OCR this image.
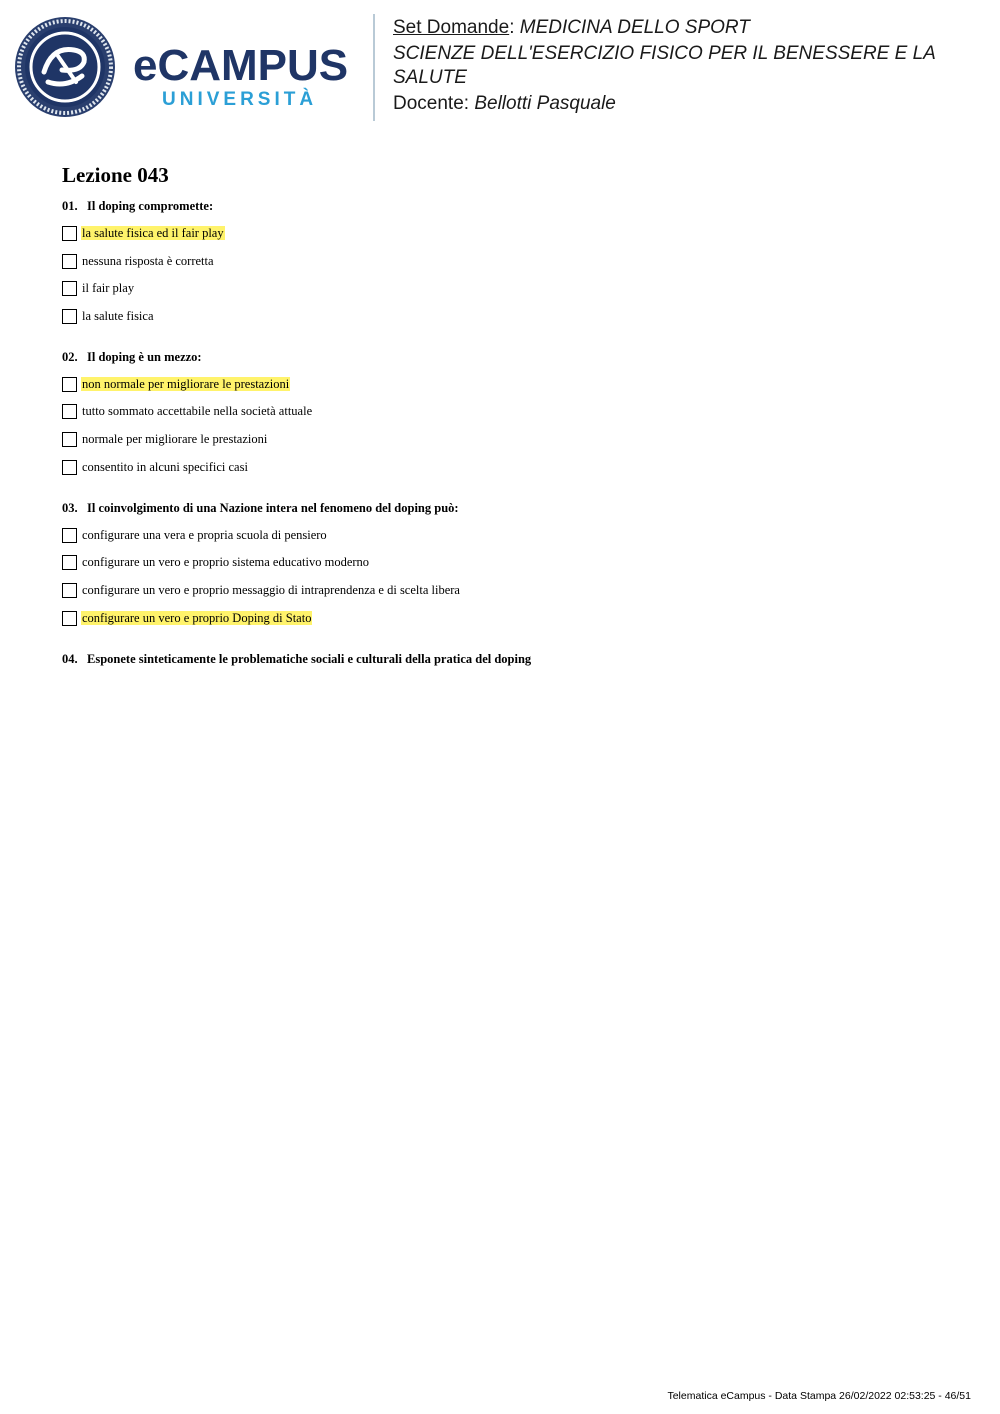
eCAMPUS
UNIVERSITÀ
Set Domande: MEDICINA DELLO SPORT
SCIENZE DELL'ESERCIZIO FISICO PER IL BENESSERE E LA SALUTE
Docente: Bellotti Pasquale
Lezione 043
01. Il doping compromette:
la salute fisica ed il fair play
nessuna risposta è corretta
il fair play
la salute fisica
02. Il doping è un mezzo:
non normale per migliorare le prestazioni
tutto sommato accettabile nella società attuale
normale per migliorare le prestazioni
consentito in alcuni specifici casi
03. Il coinvolgimento di una Nazione intera nel fenomeno del doping può:
configurare una vera e propria scuola di pensiero
configurare un vero e proprio sistema educativo moderno
configurare un vero e proprio messaggio di intraprendenza e di scelta libera
configurare un vero e proprio Doping di Stato
04. Esponete sinteticamente le problematiche sociali e culturali della pratica del doping
Telematica eCampus - Data Stampa 26/02/2022 02:53:25 - 46/51
